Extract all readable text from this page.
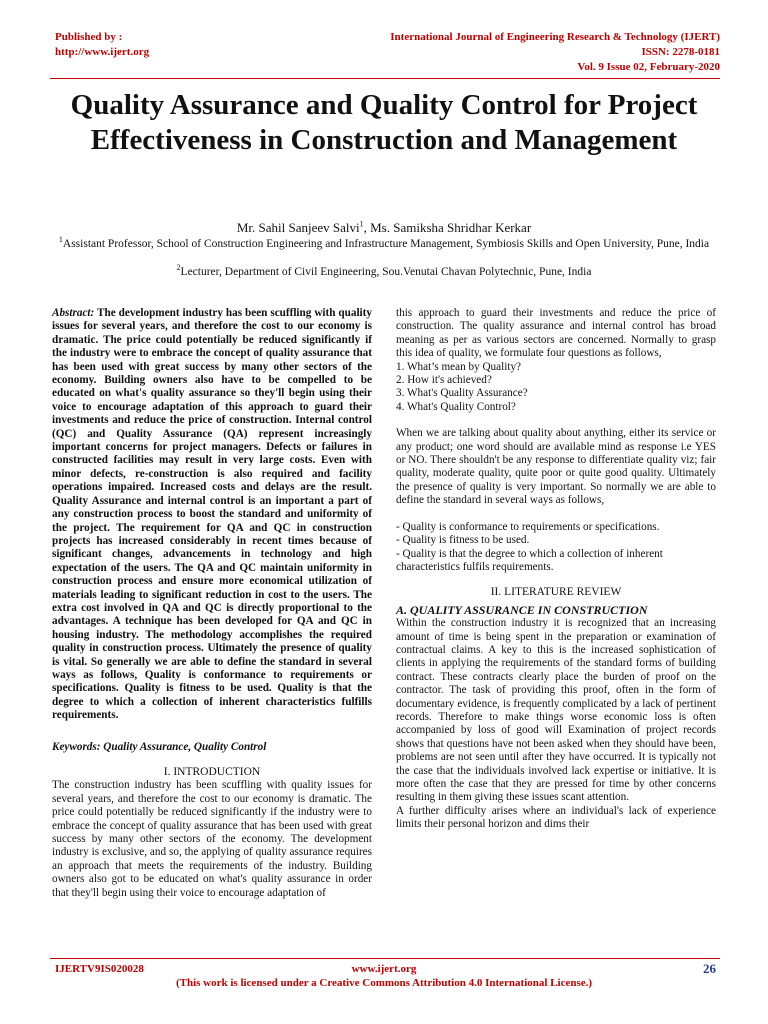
Published by :
http://www.ijert.org
International Journal of Engineering Research & Technology (IJERT)
ISSN: 2278-0181
Vol. 9 Issue 02, February-2020
Quality Assurance and Quality Control for Project Effectiveness in Construction and Management
Mr. Sahil Sanjeev Salvi$^1$, Ms. Samiksha Shridhar Kerkar
$^1$Assistant Professor, School of Construction Engineering and Infrastructure Management, Symbiosis Skills and Open University, Pune, India
$^2$Lecturer, Department of Civil Engineering, Sou.Venutai Chavan Polytechnic, Pune, India

Abstract: The development industry has been scuffling with quality issues for several years, and therefore the cost to our economy is dramatic. The price could potentially be reduced significantly if the industry were to embrace the concept of quality assurance that has been used with great success by many other sectors of the economy. Building owners also have to be compelled to be educated on what's quality assurance so they'll begin using their voice to encourage adaptation of this approach to guard their investments and reduce the price of construction. Internal control (QC) and Quality Assurance (QA) represent increasingly important concerns for project managers. Defects or failures in constructed facilities may result in very large costs. Even with minor defects, re-construction is also required and facility operations impaired. Increased costs and delays are the result. Quality Assurance and internal control is an important a part of any construction process to boost the standard and uniformity of the project. The requirement for QA and QC in construction projects has increased considerably in recent times because of significant changes, advancements in technology and high expectation of the users. The QA and QC maintain uniformity in construction process and ensure more economical utilization of materials leading to significant reduction in cost to the users. The extra cost involved in QA and QC is directly proportional to the advantages. A technique has been developed for QA and QC in housing industry. The methodology accomplishes the required quality in construction process. Ultimately the presence of quality is vital. So generally we are able to define the standard in several ways as follows, Quality is conformance to requirements or specifications. Quality is fitness to be used. Quality is that the degree to which a collection of inherent characteristics fulfills requirements.

Keywords: Quality Assurance, Quality Control

I. INTRODUCTION

The construction industry has been scuffling with quality issues for several years, and therefore the cost to our economy is dramatic. The price could potentially be reduced significantly if the industry were to embrace the concept of quality assurance that has been used with great success by many other sectors of the economy. The development industry is exclusive, and so, the applying of quality assurance requires an approach that meets the requirements of the industry. Building owners also got to be educated on what's quality assurance in order that they'll begin using their voice to encourage adaptation of

this approach to guard their investments and reduce the price of construction. The quality assurance and internal control has broad meaning as per as various sectors are concerned. Normally to grasp this idea of quality, we formulate four questions as follows,

1. What’s mean by Quality?

2. How it's achieved?

3. What's Quality Assurance?

4. What's Quality Control?

When we are talking about quality about anything, either its service or any product; one word should are available mind as response i.e YES or NO. There shouldn't be any response to differentiate quality viz; fair quality, moderate quality, quite poor or quite good quality. Ultimately the presence of quality is very important. So normally we are able to define the standard in several ways as follows,

- Quality is conformance to requirements or specifications.

- Quality is fitness to be used.

- Quality is that the degree to which a collection of inherent characteristics fulfils requirements.

II. LITERATURE REVIEW

A. QUALITY ASSURANCE IN CONSTRUCTION

Within the construction industry it is recognized that an increasing amount of time is being spent in the preparation or examination of contractual claims. A key to this is the increased sophistication of clients in applying the requirements of the standard forms of building contract. These contracts clearly place the burden of proof on the contractor. The task of providing this proof, often in the form of documentary evidence, is frequently complicated by a lack of pertinent records. Therefore to make things worse economic loss is often accompanied by loss of good will Examination of project records shows that questions have not been asked when they should have been, problems are not seen until after they have occurred. It is typically not the case that the individuals involved lack expertise or initiative. It is more often the case that they are pressed for time by other concerns resulting in them giving these issues scant attention.

A further difficulty arises where an individual's lack of experience limits their personal horizon and dims their

IJERTV9IS020028	www.ijert.org
(This work is licensed under a Creative Commons Attribution 4.0 International License.)
26
